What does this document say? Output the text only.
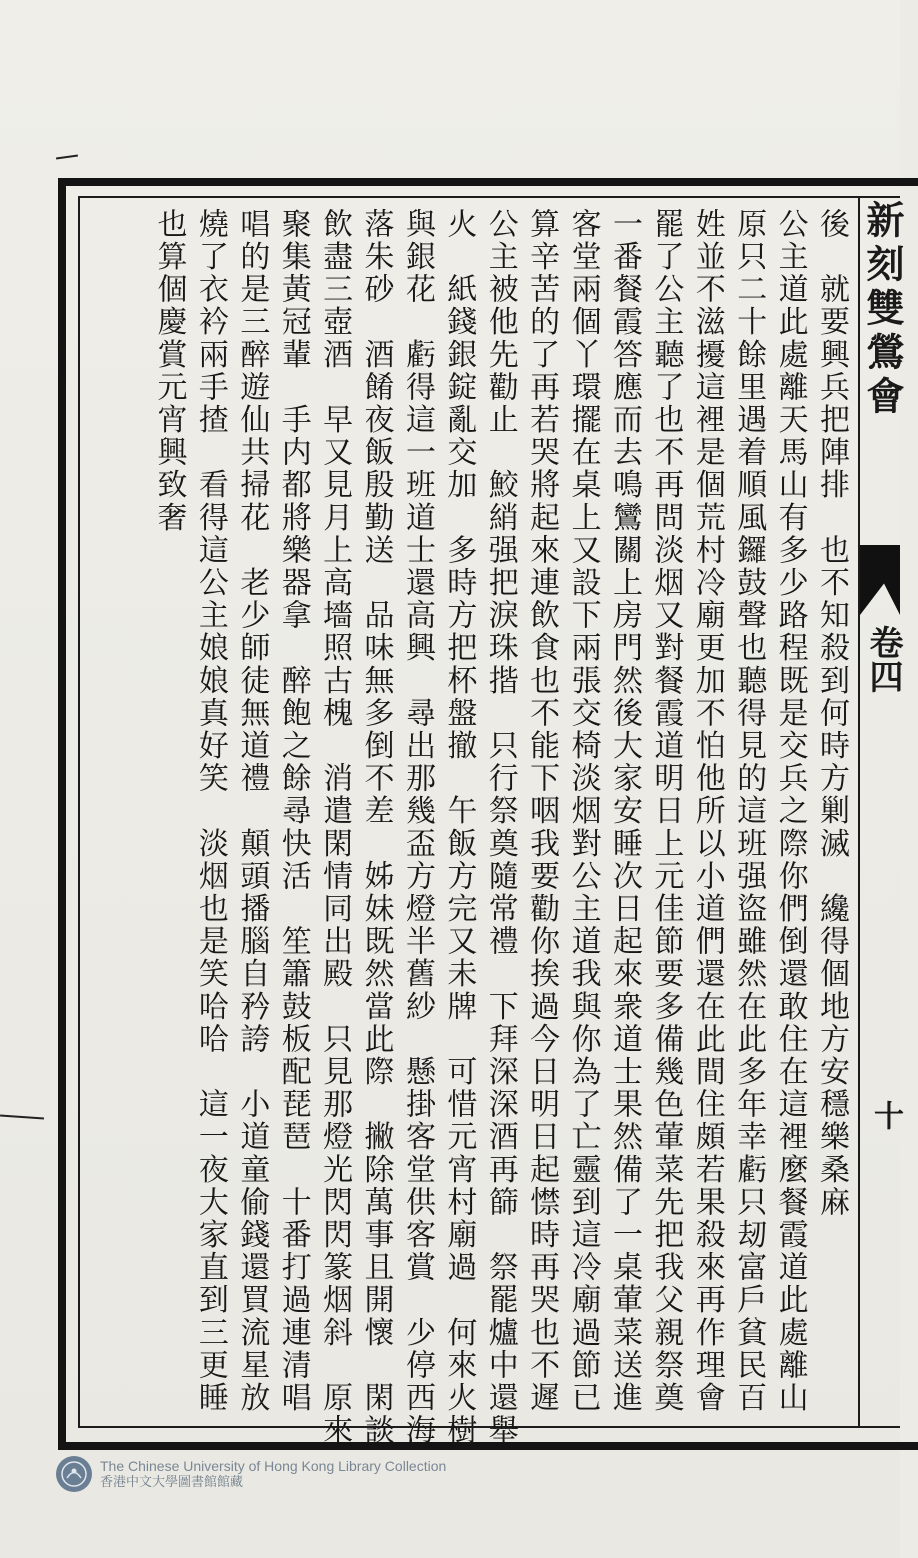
新刻雙鶯會
卷四
十
後　就要興兵把陣排　也不知殺到何時方剿滅　纔得個地方安穩樂桑麻
公主道此處離天馬山有多少路程既是交兵之際你們倒還敢住在這裡麼餐霞道此處離山
原只二十餘里遇着順風鑼鼓聲也聽得見的這班强盜雖然在此多年幸虧只刼富戶貧民百
姓並不滋擾這裡是個荒村冷廟更加不怕他所以小道們還在此間住頗若果殺來再作理會
罷了公主聽了也不再問淡烟又對餐霞道明日上元佳節要多備幾色葷菜先把我父親祭奠
一番餐霞答應而去鳴鸞關上房門然後大家安睡次日起來衆道士果然備了一桌葷菜送進
客堂兩個丫環擺在桌上又設下兩張交椅淡烟對公主道我與你為了亡靈到這冷廟過節已
算辛苦的了再若哭將起來連飲食也不能下咽我要勸你挨過今日明日起㦗時再哭也不遲
公主被他先勸止　鮫綃强把淚珠揩　只行祭奠隨常禮　下拜深深酒再篩　祭罷爐中還舉
火　紙錢銀錠亂交加　多時方把杯盤撤　午飯方完又未牌　可惜元宵村廟過　何來火樹
與銀花　虧得這一班道士還高興　尋出那幾盃方燈半舊紗　懸掛客堂供客賞　少停西海
落朱砂　酒餚夜飯殷勤送　品味無多倒不差　姊妹既然當此際　撇除萬事且開懷　閑談
飲盡三壺酒　早又見月上高墻照古槐　消遣閑情同出殿　只見那燈光閃閃篆烟斜　原來
聚集黃冠輩　手内都將樂器拿　醉飽之餘尋快活　笙簫鼓板配琵琶　十番打過連清唱
唱的是三醉遊仙共掃花　老少師徒無道禮　顛頭播腦自矜誇　小道童偷錢還買流星放
燒了衣衿兩手揸　看得這公主娘娘真好笑　淡烟也是笑哈哈　這一夜大家直到三更睡
也算個慶賞元宵興致奢
The Chinese University of Hong Kong Library Collection
香港中文大學圖書館館藏
